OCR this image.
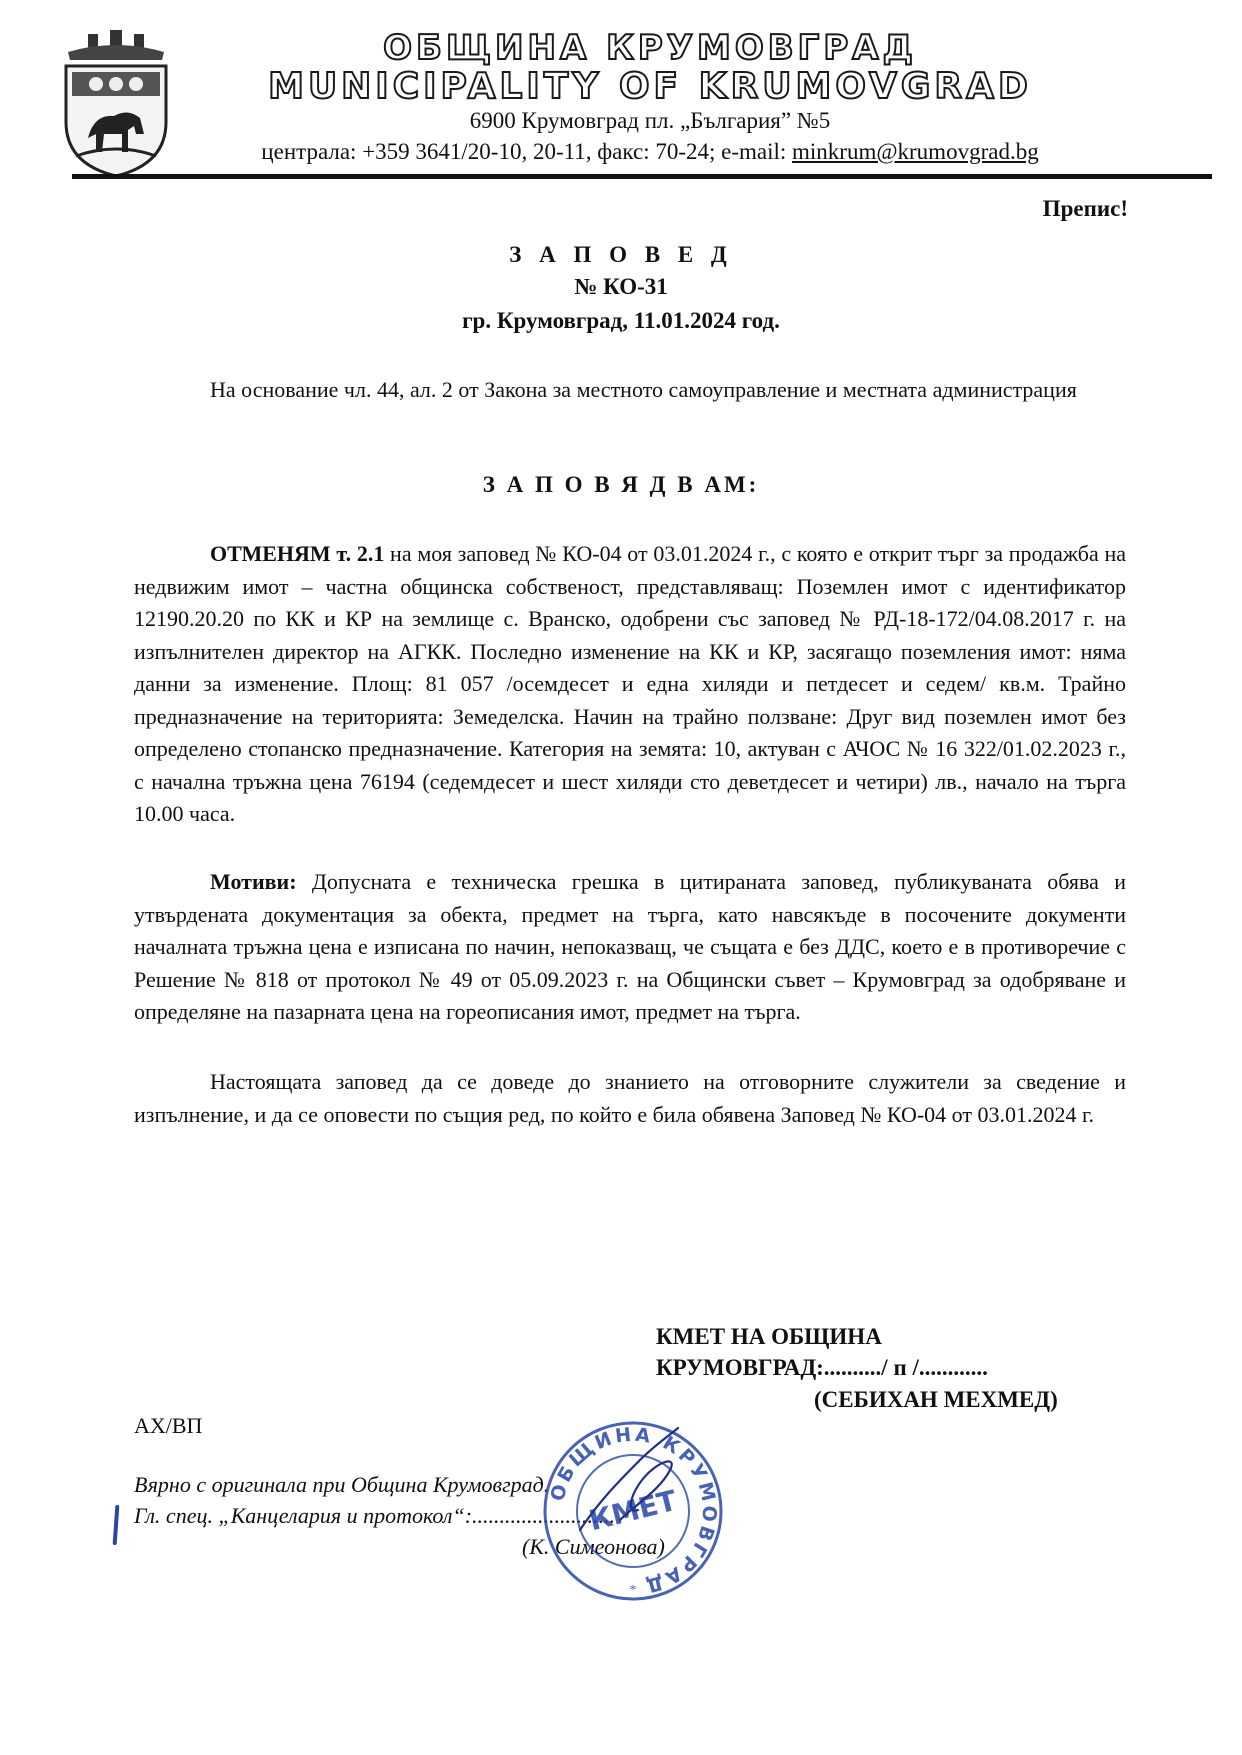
ОБЩИНА КРУМОВГРАД
MUNICIPALITY OF KRUMOVGRAD
6900 Крумовград пл. „България” №5
централа: +359 3641/20-10, 20-11, факс: 70-24; e-mail: minkrum@krumovgrad.bg
Препис!
З А П О В Е Д
№ КО-31
гр. Крумовград, 11.01.2024 год.
На основание чл. 44, ал. 2 от Закона за местното самоуправление и местната администрация
З А П О В Я Д В АМ:
ОТМЕНЯМ т. 2.1 на моя заповед № КО-04 от 03.01.2024 г., с която е открит търг за продажба на недвижим имот – частна общинска собственост, представляващ: Поземлен имот с идентификатор 12190.20.20 по КК и КР на землище с. Вранско, одобрени със заповед № РД-18-172/04.08.2017 г. на изпълнителен директор на АГКК. Последно изменение на КК и КР, засягащо поземления имот: няма данни за изменение. Площ: 81 057 /осемдесет и една хиляди и петдесет и седем/ кв.м. Трайно предназначение на територията: Земеделска. Начин на трайно ползване: Друг вид поземлен имот без определено стопанско предназначение. Категория на земята: 10, актуван с АЧОС № 16 322/01.02.2023 г., с начална тръжна цена 76194 (седемдесет и шест хиляди сто деветдесет и четири) лв., начало на търга 10.00 часа.
Мотиви: Допусната е техническа грешка в цитираната заповед, публикуваната обява и утвърдената документация за обекта, предмет на търга, като навсякъде в посочените документи началната тръжна цена е изписана по начин, непоказващ, че същата е без ДДС, което е в противоречие с Решение № 818 от протокол № 49 от 05.09.2023 г. на Общински съвет – Крумовград за одобряване и определяне на пазарната цена на гореописания имот, предмет на търга.
Настоящата заповед да се доведе до знанието на отговорните служители за сведение и изпълнение, и да се оповести по същия ред, по който е била обявена Заповед № КО-04 от 03.01.2024 г.
КМЕТ НА ОБЩИНА
КРУМОВГРАД:........../ п /............
(СЕБИХАН МЕХМЕД)
АХ/ВП
Вярно с оригинала при Община Крумовград.
Гл. спец. „Канцелария и протокол“:..........................
(К. Симеонова)
ОБЩИНА КРУМОВГРАД
КМЕТ
*
